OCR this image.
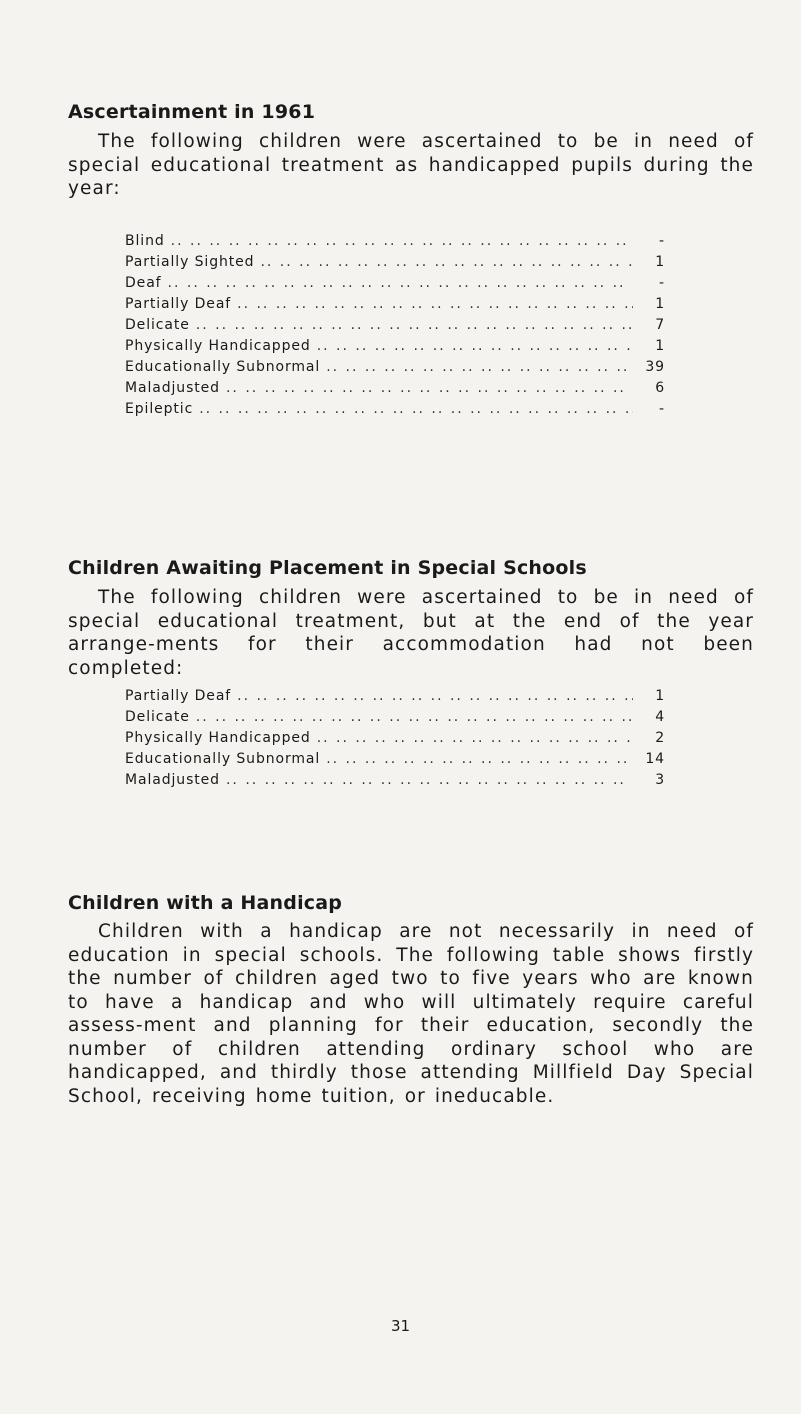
Ascertainment in 1961
The following children were ascertained to be in need of special educational treatment as handicapped pupils during the year:
Blind .. ..	-
Partially Sighted .. ..	1
Deaf .. ..	-
Partially Deaf .. ..	1
Delicate .. ..	7
Physically Handicapped .. ..	1
Educationally Subnormal .. ..	39
Maladjusted .. ..	6
Epileptic .. ..	-
Children Awaiting Placement in Special Schools
The following children were ascertained to be in need of special educational treatment, but at the end of the year arrange-ments for their accommodation had not been completed:
Partially Deaf .. ..	1
Delicate .. ..	4
Physically Handicapped .. ..	2
Educationally Subnormal .. ..	14
Maladjusted .. ..	3
Children with a Handicap
Children with a handicap are not necessarily in need of education in special schools. The following table shows firstly the number of children aged two to five years who are known to have a handicap and who will ultimately require careful assess-ment and planning for their education, secondly the number of children attending ordinary school who are handicapped, and thirdly those attending Millfield Day Special School, receiving home tuition, or ineducable.
31
